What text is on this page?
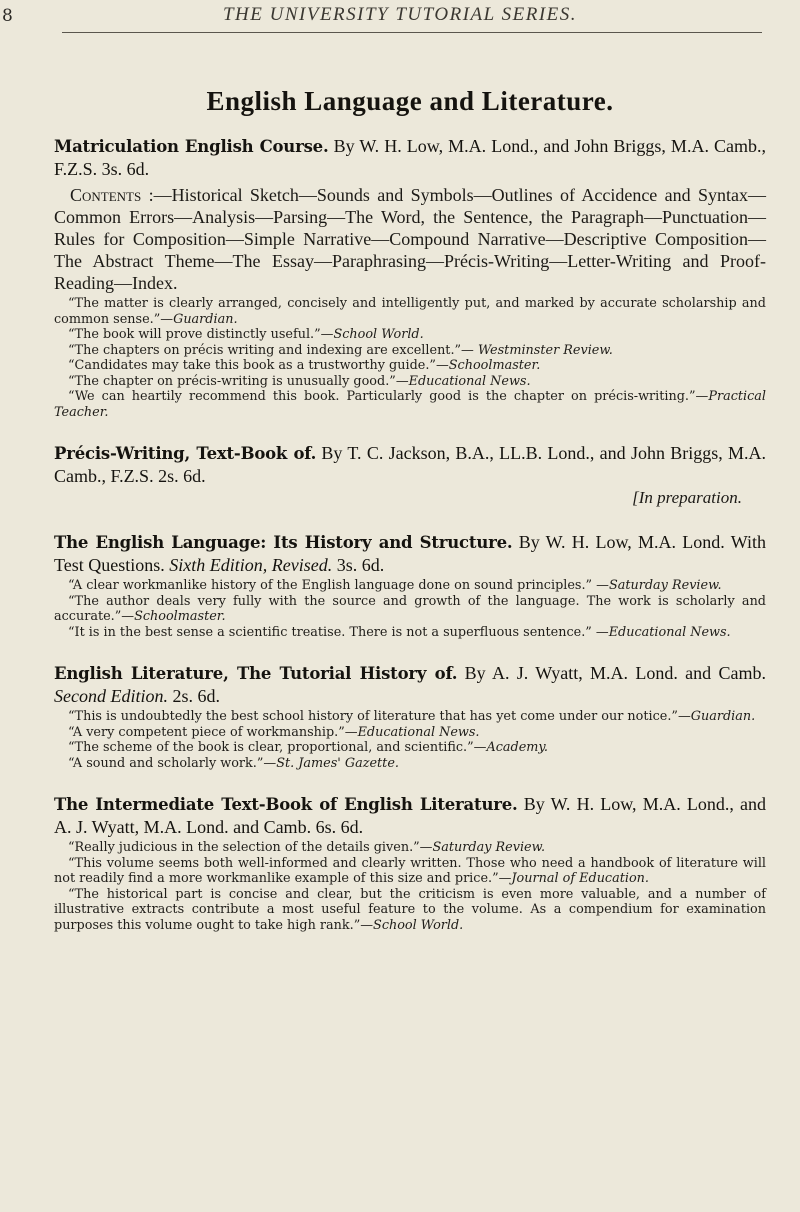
8	THE UNIVERSITY TUTORIAL SERIES.
English Language and Literature.
Matriculation English Course. By W. H. Low, M.A. Lond., and John Briggs, M.A. Camb., F.Z.S. 3s. 6d.
Contents :—Historical Sketch—Sounds and Symbols—Outlines of Accidence and Syntax—Common Errors—Analysis—Parsing—The Word, the Sentence, the Paragraph—Punctuation—Rules for Composition—Simple Narrative—Compound Narrative—Descriptive Composition—The Abstract Theme—The Essay—Paraphrasing—Précis-Writing—Letter-Writing and Proof-Reading—Index.

“The matter is clearly arranged, concisely and intelligently put, and marked by accurate scholarship and common sense.”—Guardian.

“The book will prove distinctly useful.”—School World.

“The chapters on précis writing and indexing are excellent.”— Westminster Review.

“Candidates may take this book as a trustworthy guide.”—Schoolmaster.

“The chapter on précis-writing is unusually good.”—Educational News.

“We can heartily recommend this book. Particularly good is the chapter on précis-writing.”—Practical Teacher.

Précis-Writing, Text-Book of. By T. C. Jackson, B.A., LL.B. Lond., and John Briggs, M.A. Camb., F.Z.S. 2s. 6d.
[In preparation.
The English Language: Its History and Structure. By W. H. Low, M.A. Lond. With Test Questions. Sixth Edition, Revised. 3s. 6d.

“A clear workmanlike history of the English language done on sound principles.” —Saturday Review.

“The author deals very fully with the source and growth of the language. The work is scholarly and accurate.”—Schoolmaster.

“It is in the best sense a scientific treatise. There is not a superfluous sentence.” —Educational News.

English Literature, The Tutorial History of. By A. J. Wyatt, M.A. Lond. and Camb. Second Edition. 2s. 6d.

“This is undoubtedly the best school history of literature that has yet come under our notice.”—Guardian.

“A very competent piece of workmanship.”—Educational News.

“The scheme of the book is clear, proportional, and scientific.”—Academy.

“A sound and scholarly work.”—St. James' Gazette.

The Intermediate Text-Book of English Literature. By W. H. Low, M.A. Lond., and A. J. Wyatt, M.A. Lond. and Camb. 6s. 6d.

“Really judicious in the selection of the details given.”—Saturday Review.

“This volume seems both well-informed and clearly written. Those who need a handbook of literature will not readily find a more workmanlike example of this size and price.”—Journal of Education.

“The historical part is concise and clear, but the criticism is even more valuable, and a number of illustrative extracts contribute a most useful feature to the volume. As a compendium for examination purposes this volume ought to take high rank.”—School World.
